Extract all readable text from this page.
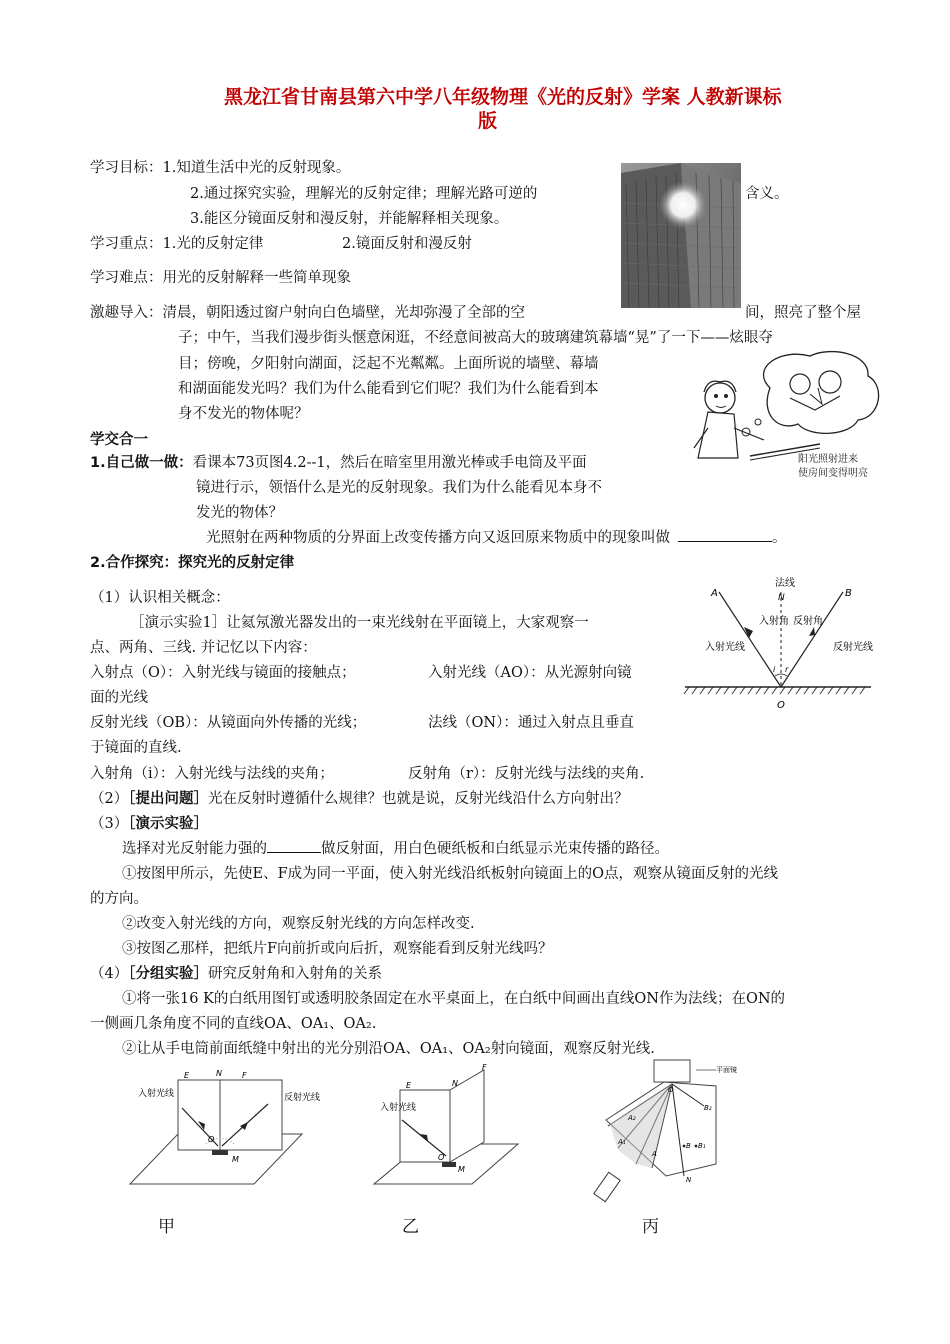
黑龙江省甘南县第六中学八年级物理《光的反射》学案 人教新课标
版
学习目标：1.知道生活中光的反射现象。
2.通过探究实验，理解光的反射定律；理解光路可逆的	含义。
3.能区分镜面反射和漫反射，并能解释相关现象。
学习重点：1.光的反射定律	2.镜面反射和漫反射
学习难点：用光的反射解释一些简单现象
激趣导入：清晨，朝阳透过窗户射向白色墙壁，光却弥漫了全部的空	间，照亮了整个屋
子；中午，当我们漫步街头惬意闲逛，不经意间被高大的玻璃建筑幕墙“晃”了一下——炫眼夺
目；傍晚，夕阳射向湖面，泛起不光粼粼。上面所说的墙壁、幕墙
和湖面能发光吗？我们为什么能看到它们呢？我们为什么能看到本
身不发光的物体呢？
阳光照射进来
使房间变得明亮
学交合一
1.自己做一做：看课本73页图4.2--1，然后在暗室里用激光棒或手电筒及平面
镜进行示，领悟什么是光的反射现象。我们为什么能看见本身不
发光的物体？
光照射在两种物质的分界面上改变传播方向又返回原来物质中的现象叫做	。
2.合作探究：探究光的反射定律
（1）认识相关概念：
［演示实验1］让氦氖激光器发出的一束光线射在平面镜上，大家观察一
点、两角、三线. 并记忆以下内容：
入射点（O）：入射光线与镜面的接触点；	入射光线（AO）：从光源射向镜
面的光线
反射光线（OB）：从镜面向外传播的光线；	法线（ON）：通过入射点且垂直
于镜面的直线.
入射角（i）：入射光线与法线的夹角；	反射角（r）：反射光线与法线的夹角.
（2）［提出问题］光在反射时遵循什么规律？也就是说，反射光线沿什么方向射出？
（3）［演示实验］
选择对光反射能力强的	做反射面，用白色硬纸板和白纸显示光束传播的路径。
①按图甲所示，先使E、F成为同一平面，使入射光线沿纸板射向镜面上的O点，观察从镜面反射的光线
的方向。
②改变入射光线的方向，观察反射光线的方向怎样改变.
③按图乙那样，把纸片F向前折或向后折，观察能看到反射光线吗？
（4）［分组实验］研究反射角和入射角的关系
①将一张16 K的白纸用图钉或透明胶条固定在水平桌面上，在白纸中间画出直线ON作为法线；在ON的
一侧画几条角度不同的直线OA、OA₁、OA₂.
②让从手电筒前面纸缝中射出的光分别沿OA、OA₁、OA₂射向镜面，观察反射光线.
法线
N
A	B
O
入射角 反射角
入射光线	反射光线
i r
入射光线	反射光线
E	N	F
O
M
甲
入射光线
E	N
F
O
M
乙
平面镜
O
A₂
A₁
A
N
B B₁
B₂
丙
